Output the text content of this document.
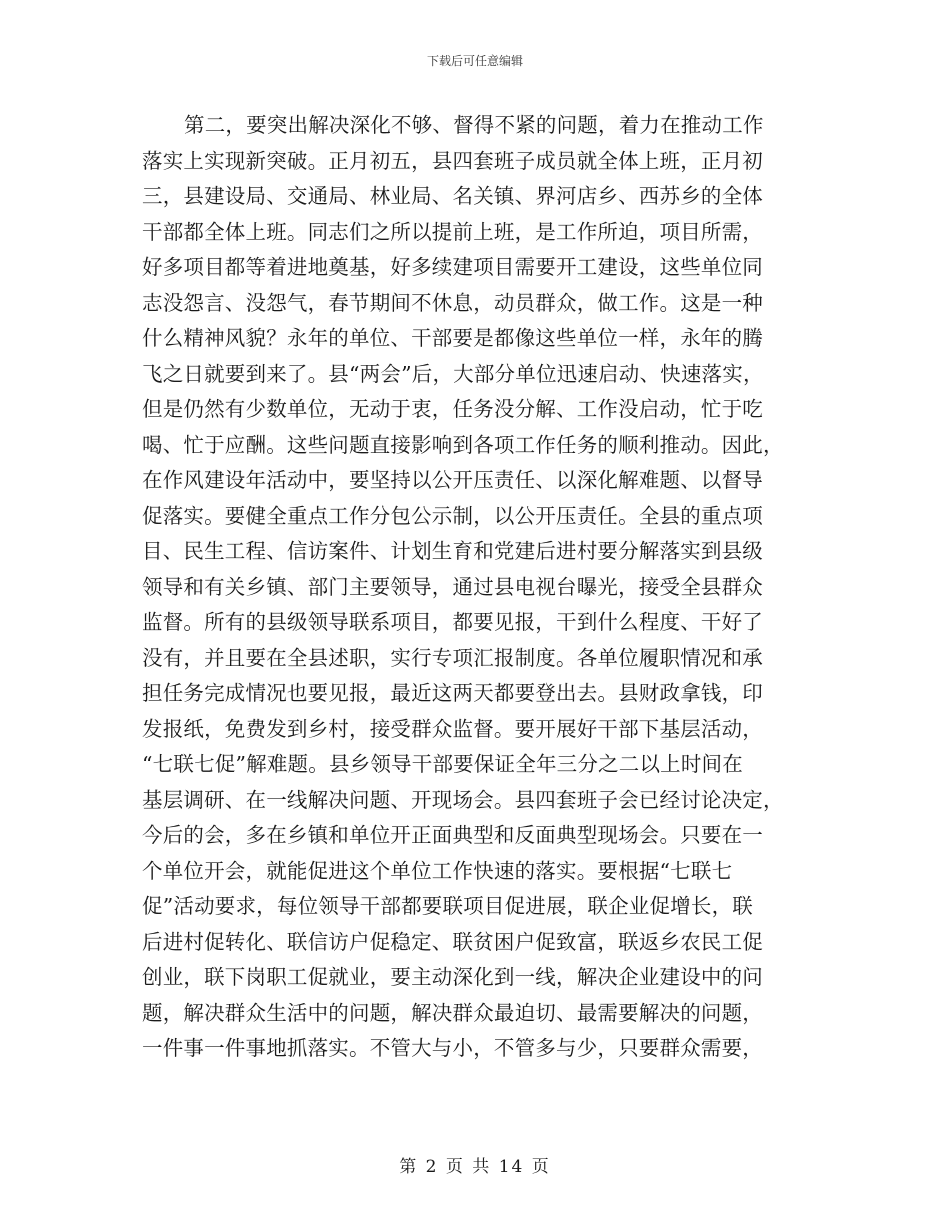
下载后可任意编辑
第二，要突出解决深化不够、督得不紧的问题，着力在推动工作
落实上实现新突破。正月初五，县四套班子成员就全体上班，正月初
三，县建设局、交通局、林业局、名关镇、界河店乡、西苏乡的全体
干部都全体上班。同志们之所以提前上班，是工作所迫，项目所需，
好多项目都等着进地奠基，好多续建项目需要开工建设，这些单位同
志没怨言、没怨气，春节期间不休息，动员群众，做工作。这是一种
什么精神风貌？永年的单位、干部要是都像这些单位一样，永年的腾
飞之日就要到来了。县“两会”后，大部分单位迅速启动、快速落实，
但是仍然有少数单位，无动于衷，任务没分解、工作没启动，忙于吃
喝、忙于应酬。这些问题直接影响到各项工作任务的顺利推动。因此，
在作风建设年活动中，要坚持以公开压责任、以深化解难题、以督导
促落实。要健全重点工作分包公示制，以公开压责任。全县的重点项
目、民生工程、信访案件、计划生育和党建后进村要分解落实到县级
领导和有关乡镇、部门主要领导，通过县电视台曝光，接受全县群众
监督。所有的县级领导联系项目，都要见报，干到什么程度、干好了
没有，并且要在全县述职，实行专项汇报制度。各单位履职情况和承
担任务完成情况也要见报，最近这两天都要登出去。县财政拿钱，印
发报纸，免费发到乡村，接受群众监督。要开展好干部下基层活动，
“七联七促”解难题。县乡领导干部要保证全年三分之二以上时间在
基层调研、在一线解决问题、开现场会。县四套班子会已经讨论决定，
今后的会，多在乡镇和单位开正面典型和反面典型现场会。只要在一
个单位开会，就能促进这个单位工作快速的落实。要根据“七联七
促”活动要求，每位领导干部都要联项目促进展，联企业促增长，联
后进村促转化、联信访户促稳定、联贫困户促致富，联返乡农民工促
创业，联下岗职工促就业，要主动深化到一线，解决企业建设中的问
题，解决群众生活中的问题，解决群众最迫切、最需要解决的问题，
一件事一件事地抓落实。不管大与小，不管多与少，只要群众需要，
第 2 页 共 14 页
